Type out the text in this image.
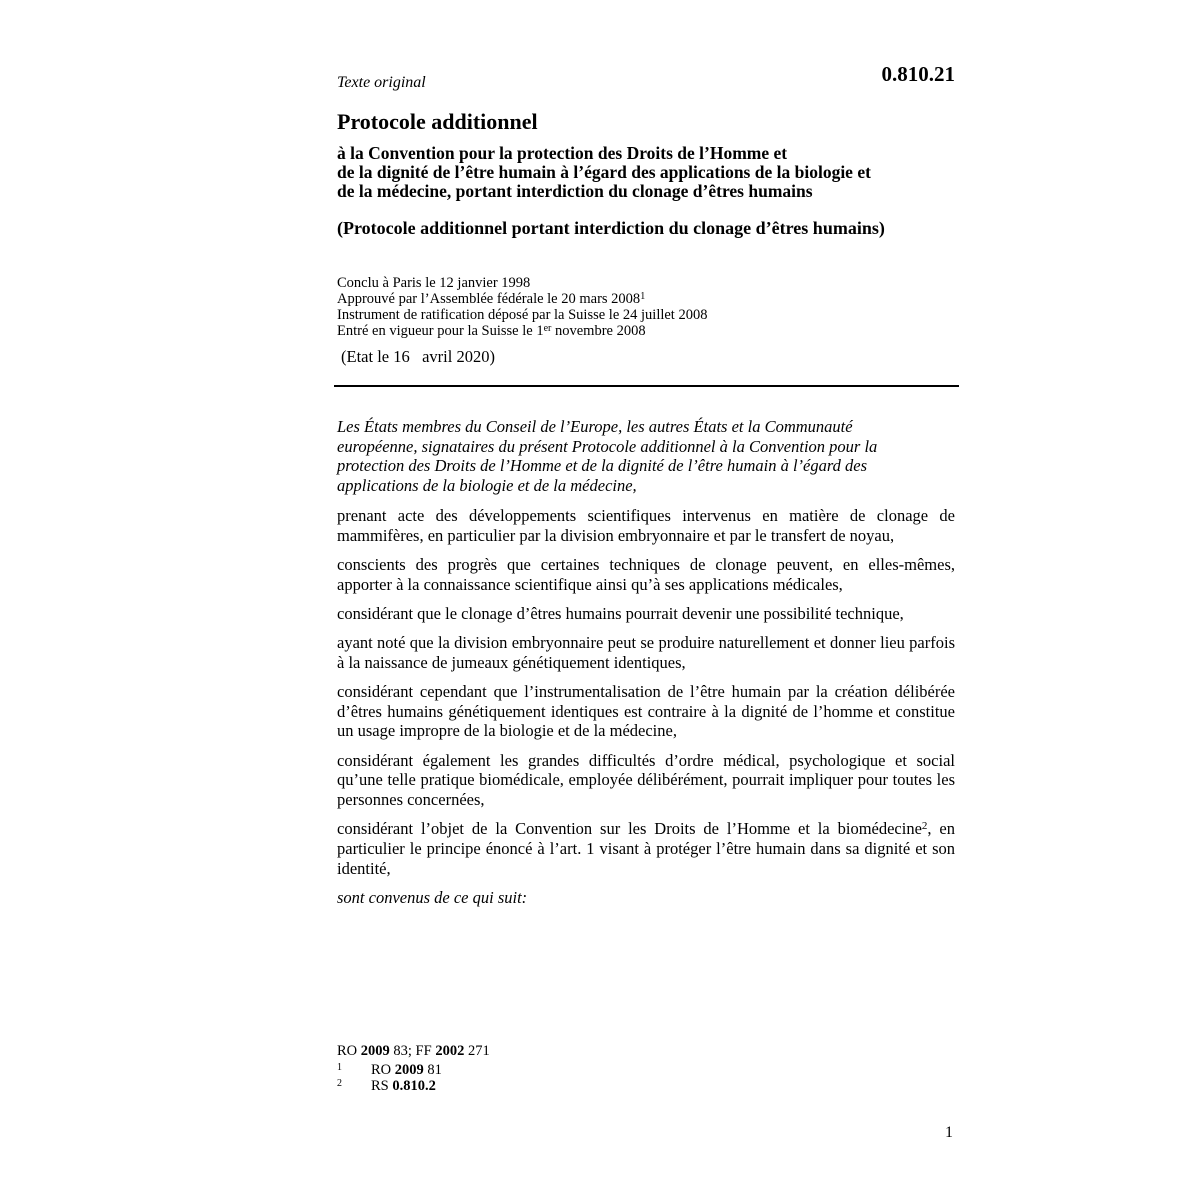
Texte original	0.810.21
Protocole additionnel
à la Convention pour la protection des Droits de l’Homme et
de la dignité de l’être humain à l’égard des applications de la biologie et
de la médecine, portant interdiction du clonage d’êtres humains
(Protocole additionnel portant interdiction du clonage d’êtres humains)
Conclu à Paris le 12 janvier 1998
Approuvé par l’Assemblée fédérale le 20 mars 2008$^1$
Instrument de ratification déposé par la Suisse le 24 juillet 2008
Entré en vigueur pour la Suisse le 1er novembre 2008
(Etat le 16   avril 2020)
Les États membres du Conseil de l’Europe, les autres États et la Communauté
européenne, signataires du présent Protocole additionnel à la Convention pour la
protection des Droits de l’Homme et de la dignité de l’être humain à l’égard des
applications de la biologie et de la médecine,

prenant acte des développements scientifiques intervenus en matière de clonage de mammifères, en particulier par la division embryonnaire et par le transfert de noyau,

conscients des progrès que certaines techniques de clonage peuvent, en elles-mêmes, apporter à la connaissance scientifique ainsi qu’à ses applications médicales,

considérant que le clonage d’êtres humains pourrait devenir une possibilité technique,

ayant noté que la division embryonnaire peut se produire naturellement et donner lieu parfois à la naissance de jumeaux génétiquement identiques,

considérant cependant que l’instrumentalisation de l’être humain par la création délibérée d’êtres humains génétiquement identiques est contraire à la dignité de l’homme et constitue un usage impropre de la biologie et de la médecine,

considérant également les grandes difficultés d’ordre médical, psychologique et social qu’une telle pratique biomédicale, employée délibérément, pourrait impliquer pour toutes les personnes concernées,

considérant l’objet de la Convention sur les Droits de l’Homme et la biomédecine$^2$, en particulier le principe énoncé à l’art. 1 visant à protéger l’être humain dans sa dignité et son identité,

sont convenus de ce qui suit:

RO 2009 83; FF 2002 271
1 RO 2009 81
2 RS 0.810.2
1
